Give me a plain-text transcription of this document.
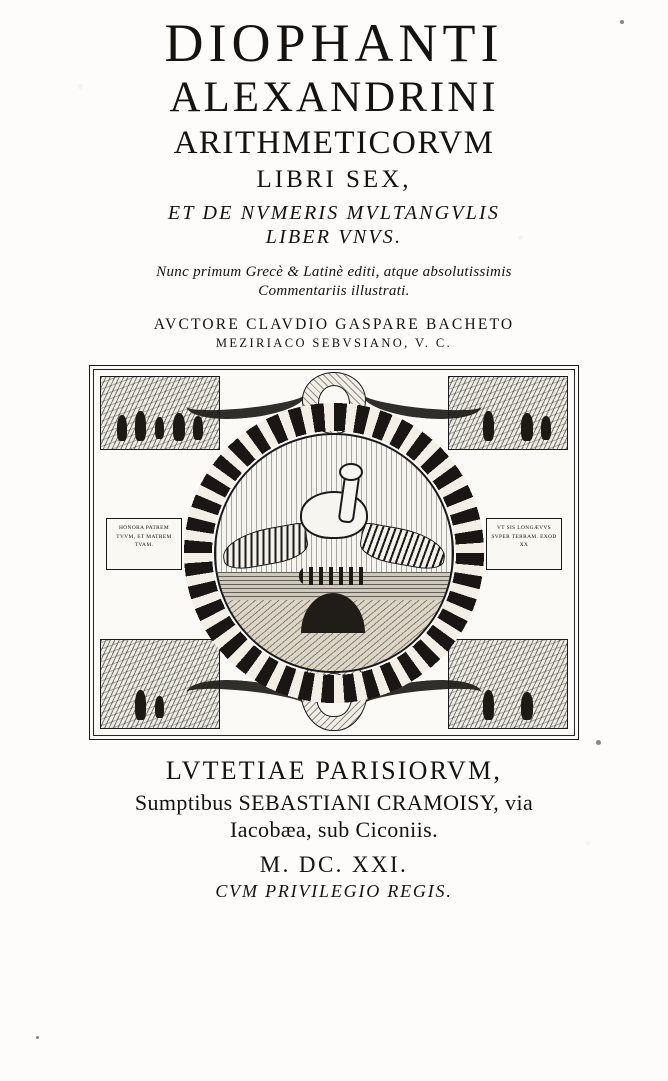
DIOPHANTI
ALEXANDRINI
ARITHMETICORVM
LIBRI SEX,
ET DE NVMERIS MVLTANGVLIS
LIBER VNVS.
Nunc primum Grecè & Latinè editi, atque absolutissimis
Commentariis illustrati.
AVCTORE CLAVDIO GASPARE BACHETO
MEZIRIACO SEBVSIANO, V. C.
HONORA PATREM TVVM, ET MATREM TVAM.
VT SIS LONGÆVVS SVPER TERRAM. EXOD XX
LVTETIAE PARISIORVM,
Sumptibus SEBASTIANI CRAMOISY, via
Iacobæa, sub Ciconiis.
M. DC. XXI.
CVM PRIVILEGIO REGIS.
